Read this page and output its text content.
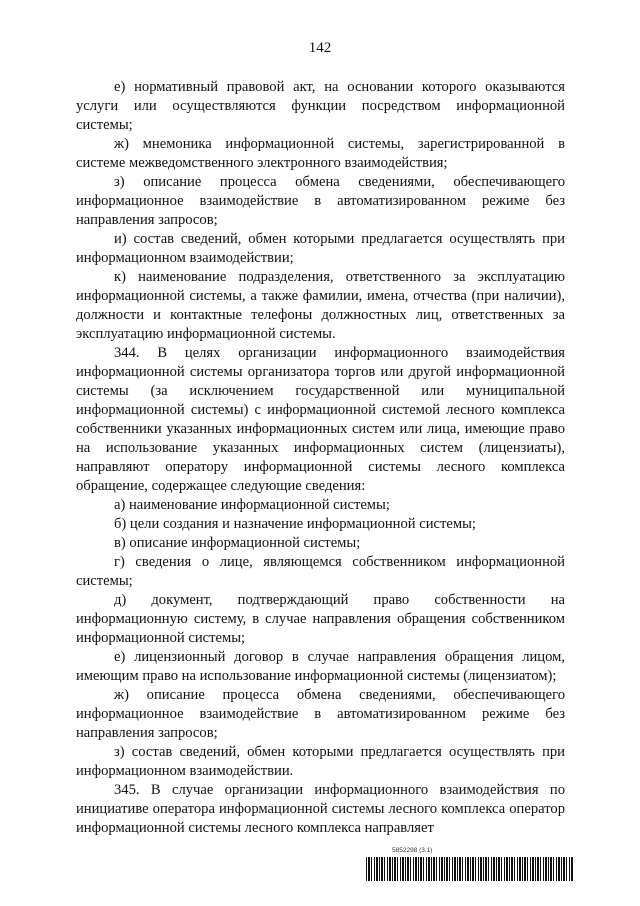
142

е) нормативный правовой акт, на основании которого оказываются услуги или осуществляются функции посредством информационной системы;

ж) мнемоника информационной системы, зарегистрированной в системе межведомственного электронного взаимодействия;

з) описание процесса обмена сведениями, обеспечивающего информационное взаимодействие в автоматизированном режиме без направления запросов;

и) состав сведений, обмен которыми предлагается осуществлять при информационном взаимодействии;

к) наименование подразделения, ответственного за эксплуатацию информационной системы, а также фамилии, имена, отчества (при наличии), должности и контактные телефоны должностных лиц, ответственных за эксплуатацию информационной системы.

344. В целях организации информационного взаимодействия информационной системы организатора торгов или другой информационной системы (за исключением государственной или муниципальной информационной системы) с информационной системой лесного комплекса собственники указанных информационных систем или лица, имеющие право на использование указанных информационных систем (лицензиаты), направляют оператору информационной системы лесного комплекса обращение, содержащее следующие сведения:

а) наименование информационной системы;

б) цели создания и назначение информационной системы;

в) описание информационной системы;

г) сведения о лице, являющемся собственником информационной системы;

д) документ, подтверждающий право собственности на информационную систему, в случае направления обращения собственником информационной системы;

е) лицензионный договор в случае направления обращения лицом, имеющим право на использование информационной системы (лицензиатом);

ж) описание процесса обмена сведениями, обеспечивающего информационное взаимодействие в автоматизированном режиме без направления запросов;

з) состав сведений, обмен которыми предлагается осуществлять при информационном взаимодействии.

345. В случае организации информационного взаимодействия по инициативе оператора информационной системы лесного комплекса оператор информационной системы лесного комплекса направляет

5852298 (3.1)
